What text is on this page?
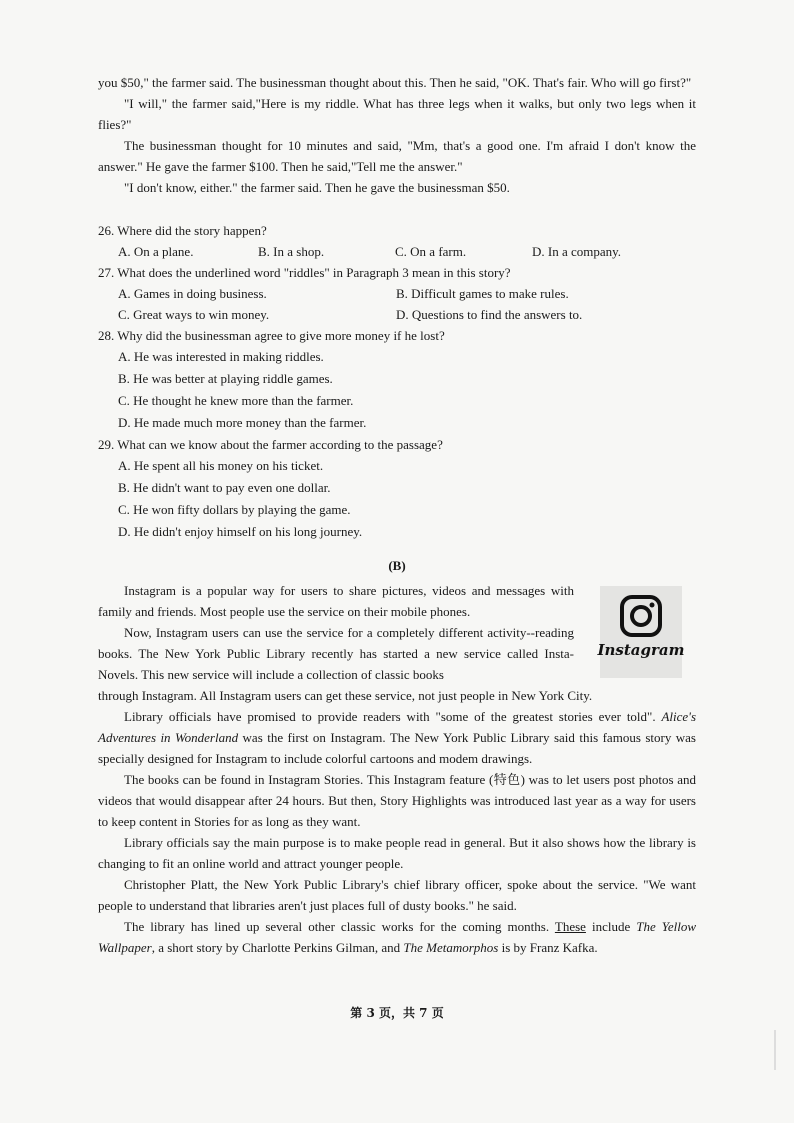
you $50," the farmer said. The businessman thought about this. Then he said, "OK. That's fair. Who will go first?"

"I will," the farmer said,"Here is my riddle. What has three legs when it walks, but only two legs when it flies?"

The businessman thought for 10 minutes and said, "Mm, that's a good one. I'm afraid I don't know the answer." He gave the farmer $100. Then he said,"Tell me the answer."

"I don't know, either." the farmer said. Then he gave the businessman $50.

26. Where did the story happen?

A. On a plane.	B. In a shop.	C. On a farm.	D. In a company.

27. What does the underlined word "riddles" in Paragraph 3 mean in this story?

A. Games in doing business.	B. Difficult games to make rules.
C. Great ways to win money.	D. Questions to find the answers to.

28. Why did the businessman agree to give more money if he lost?

A. He was interested in making riddles.

B. He was better at playing riddle games.

C. He thought he knew more than the farmer.

D. He made much more money than the farmer.

29. What can we know about the farmer according to the passage?

A. He spent all his money on his ticket.

B. He didn't want to pay even one dollar.

C. He won fifty dollars by playing the game.

D. He didn't enjoy himself on his long journey.

(B)

Instagram

Instagram is a popular way for users to share pictures, videos and messages with family and friends. Most people use the service on their mobile phones.

Now, Instagram users can use the service for a completely different activity--reading books. The New York Public Library recently has started a new service called Insta-Novels. This new service will include a collection of classic books

through Instagram. All Instagram users can get these service, not just people in New York City.

Library officials have promised to provide readers with "some of the greatest stories ever told". Alice's Adventures in Wonderland was the first on Instagram. The New York Public Library said this famous story was specially designed for Instagram to include colorful cartoons and modem drawings.

The books can be found in Instagram Stories. This Instagram feature (特色) was to let users post photos and videos that would disappear after 24 hours. But then, Story Highlights was introduced last year as a way for users to keep content in Stories for as long as they want.

Library officials say the main purpose is to make people read in general. But it also shows how the library is changing to fit an online world and attract younger people.

Christopher Platt, the New York Public Library's chief library officer, spoke about the service. "We want people to understand that libraries aren't just places full of dusty books." he said.

The library has lined up several other classic works for the coming months. These include The Yellow Wallpaper, a short story by Charlotte Perkins Gilman, and The Metamorphos is by Franz Kafka.

第 3 页，共 7 页
